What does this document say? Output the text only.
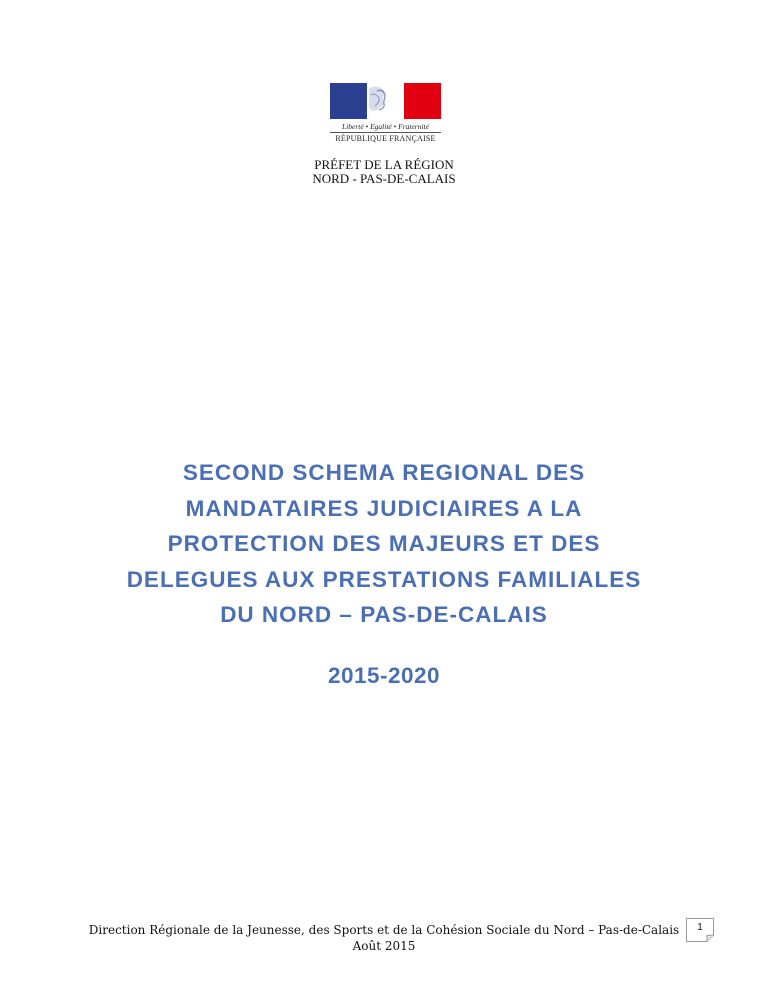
Liberté • Egalité • Fraternité
RÉPUBLIQUE FRANÇAISE
PRÉFET DE LA RÉGION
NORD - PAS-DE-CALAIS
SECOND SCHEMA REGIONAL DES
MANDATAIRES JUDICIAIRES A LA
PROTECTION DES MAJEURS ET DES
DELEGUES AUX PRESTATIONS FAMILIALES
DU NORD – PAS-DE-CALAIS
2015-2020
Direction Régionale de la Jeunesse, des Sports et de la Cohésion Sociale du Nord – Pas-de-Calais
Août 2015
1
